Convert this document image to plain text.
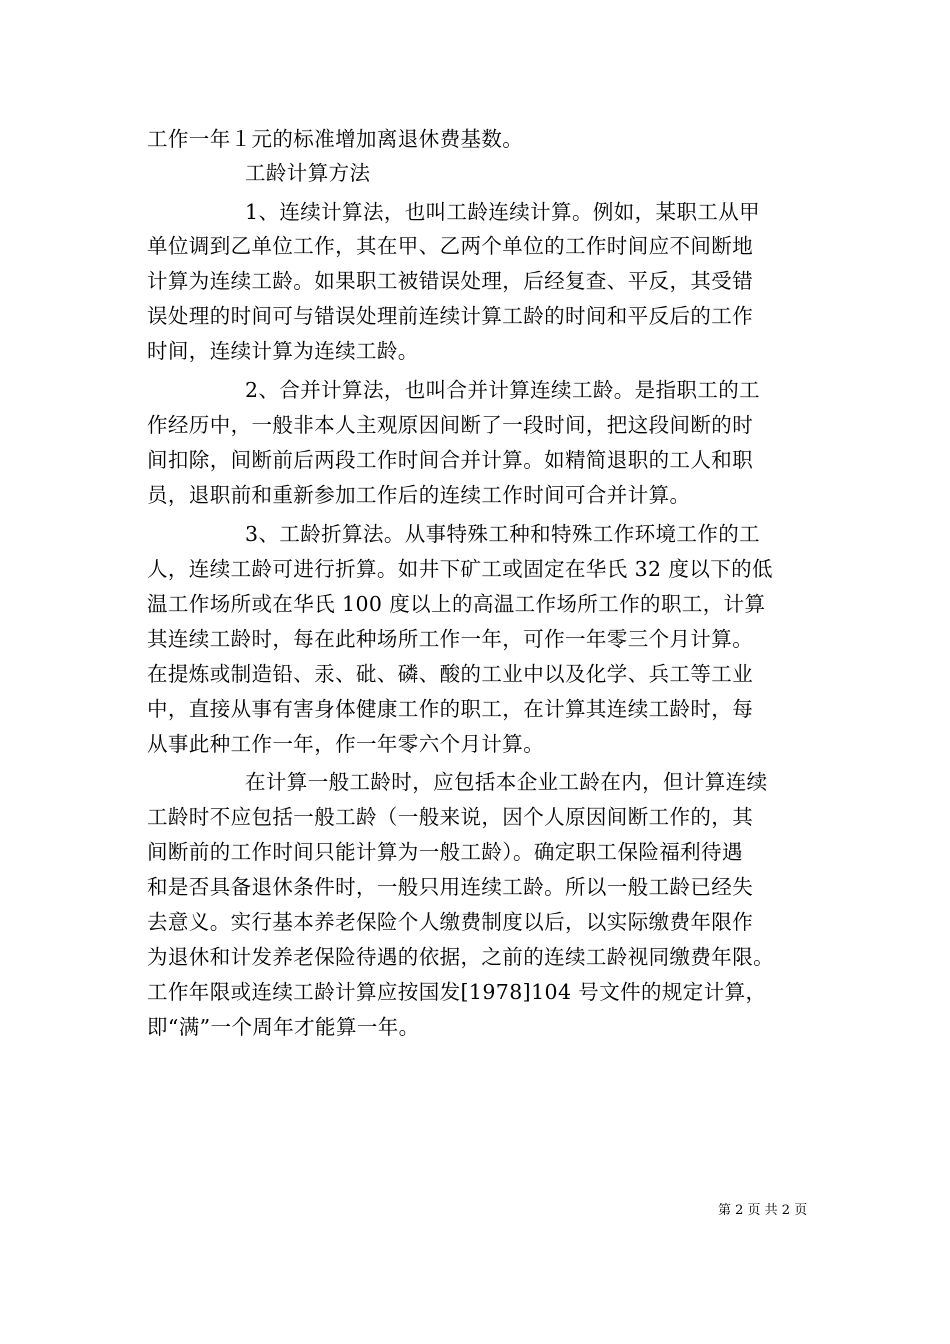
工作一年１元的标准增加离退休费基数。
工龄计算方法
1、连续计算法，也叫工龄连续计算。例如，某职工从甲
单位调到乙单位工作，其在甲、乙两个单位的工作时间应不间断地
计算为连续工龄。如果职工被错误处理，后经复查、平反，其受错
误处理的时间可与错误处理前连续计算工龄的时间和平反后的工作
时间，连续计算为连续工龄。
2、合并计算法，也叫合并计算连续工龄。是指职工的工
作经历中，一般非本人主观原因间断了一段时间，把这段间断的时
间扣除，间断前后两段工作时间合并计算。如精简退职的工人和职
员，退职前和重新参加工作后的连续工作时间可合并计算。
3、工龄折算法。从事特殊工种和特殊工作环境工作的工
人，连续工龄可进行折算。如井下矿工或固定在华氏 32 度以下的低
温工作场所或在华氏 100 度以上的高温工作场所工作的职工，计算
其连续工龄时，每在此种场所工作一年，可作一年零三个月计算。
在提炼或制造铅、汞、砒、磷、酸的工业中以及化学、兵工等工业
中，直接从事有害身体健康工作的职工，在计算其连续工龄时，每
从事此种工作一年，作一年零六个月计算。
在计算一般工龄时，应包括本企业工龄在内，但计算连续
工龄时不应包括一般工龄（一般来说，因个人原因间断工作的，其
间断前的工作时间只能计算为一般工龄）。确定职工保险福利待遇
和是否具备退休条件时，一般只用连续工龄。所以一般工龄已经失
去意义。实行基本养老保险个人缴费制度以后，以实际缴费年限作
为退休和计发养老保险待遇的依据，之前的连续工龄视同缴费年限。
工作年限或连续工龄计算应按国发[1978]104 号文件的规定计算，
即“满”一个周年才能算一年。
第 2 页 共 2 页
